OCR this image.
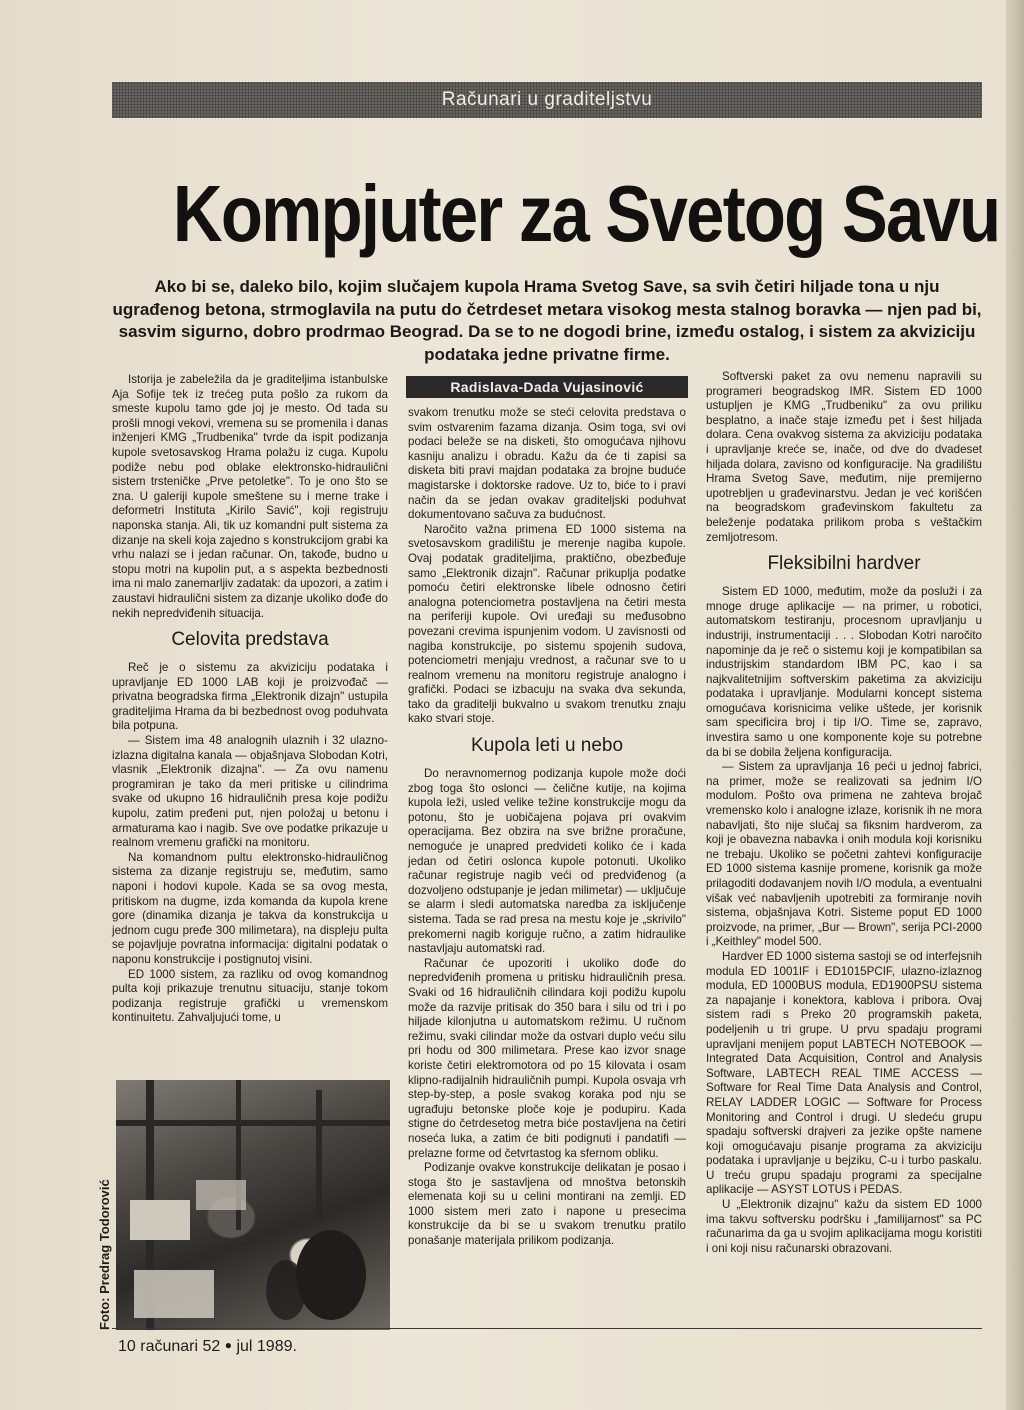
Računari u graditeljstvu
Kompjuter za Svetog Savu
Ako bi se, daleko bilo, kojim slučajem kupola Hrama Svetog Save, sa svih četiri hiljade tona u nju ugrađenog betona, strmoglavila na putu do četrdeset metara visokog mesta stalnog boravka — njen pad bi, sasvim sigurno, dobro prodrmao Beograd. Da se to ne dogodi brine, između ostalog, i sistem za akviziciju podataka jedne privatne firme.

Istorija je zabeležila da je graditeljima istanbulske Aja Sofije tek iz trećeg puta pošlo za rukom da smeste kupolu tamo gde joj je mesto. Od tada su prošli mnogi vekovi, vremena su se promenila i danas inženjeri KMG „Trudbenika" tvrde da ispit podizanja kupole svetosavskog Hrama polažu iz cuga. Kupolu podiže nebu pod oblake elektronsko-hidraulični sistem trsteničke „Prve petoletke". To je ono što se zna. U galeriji kupole smeštene su i merne trake i deformetri Instituta „Kirilo Savić", koji registruju naponska stanja. Ali, tik uz komandni pult sistema za dizanje na skeli koja zajedno s konstrukcijom grabi ka vrhu nalazi se i jedan računar. On, takođe, budno u stopu motri na kupolin put, a s aspekta bezbednosti ima ni malo zanemarljiv zadatak: da upozori, a zatim i zaustavi hidraulični sistem za dizanje ukoliko dođe do nekih nepredviđenih situacija.

Celovita predstava

Reč je o sistemu za akviziciju podataka i upravljanje ED 1000 LAB koji je proizvođač — privatna beogradska firma „Elektronik dizajn" ustupila graditeljima Hrama da bi bezbednost ovog poduhvata bila potpuna.

— Sistem ima 48 analognih ulaznih i 32 ulazno-izlazna digitalna kanala — objašnjava Slobodan Kotri, vlasnik „Elektronik dizajna". — Za ovu namenu programiran je tako da meri pritiske u cilindrima svake od ukupno 16 hidrauličnih presa koje podižu kupolu, zatim pređeni put, njen položaj u betonu i armaturama kao i nagib. Sve ove podatke prikazuje u realnom vremenu grafički na monitoru.

Na komandnom pultu elektronsko-hidrauličnog sistema za dizanje registruju se, međutim, samo naponi i hodovi kupole. Kada se sa ovog mesta, pritiskom na dugme, izda komanda da kupola krene gore (dinamika dizanja je takva da konstrukcija u jednom cugu pređe 300 milimetara), na displeju pulta se pojavljuje povratna informacija: digitalni podatak o naponu konstrukcije i postignutoj visini.

ED 1000 sistem, za razliku od ovog komandnog pulta koji prikazuje trenutnu situaciju, stanje tokom podizanja registruje grafički u vremenskom kontinuitetu. Zahvaljujući tome, u

Radislava-Dada Vujasinović

svakom trenutku može se steći celovita predstava o svim ostvarenim fazama dizanja. Osim toga, svi ovi podaci beleže se na disketi, što omogućava njihovu kasniju analizu i obradu. Kažu da će ti zapisi sa disketa biti pravi majdan podataka za brojne buduće magistarske i doktorske radove. Uz to, biće to i pravi način da se jedan ovakav graditeljski poduhvat dokumentovano sačuva za budućnost.

Naročito važna primena ED 1000 sistema na svetosavskom gradilištu je merenje nagiba kupole. Ovaj podatak graditeljima, praktično, obezbeđuje samo „Elektronik dizajn". Računar prikuplja podatke pomoću četiri elektronske libele odnosno četiri analogna potenciometra postavljena na četiri mesta na periferiji kupole. Ovi uređaji su međusobno povezani crevima ispunjenim vodom. U zavisnosti od nagiba konstrukcije, po sistemu spojenih sudova, potenciometri menjaju vrednost, a računar sve to u realnom vremenu na monitoru registruje analogno i grafički. Podaci se izbacuju na svaka dva sekunda, tako da graditelji bukvalno u svakom trenutku znaju kako stvari stoje.

Kupola leti u nebo

Do neravnomernog podizanja kupole može doći zbog toga što oslonci — čelične kutije, na kojima kupola leži, usled velike težine konstrukcije mogu da potonu, što je uobičajena pojava pri ovakvim operacijama. Bez obzira na sve brižne proračune, nemoguće je unapred predvideti koliko će i kada jedan od četiri oslonca kupole potonuti. Ukoliko računar registruje nagib veći od predviđenog (a dozvoljeno odstupanje je jedan milimetar) — uključuje se alarm i sledi automatska naredba za isključenje sistema. Tada se rad presa na mestu koje je „skrivilo" prekomerni nagib koriguje ručno, a zatim hidraulike nastavljaju automatski rad.

Računar će upozoriti i ukoliko dođe do nepredviđenih promena u pritisku hidrauličnih presa. Svaki od 16 hidrauličnih cilindara koji podižu kupolu može da razvije pritisak do 350 bara i silu od tri i po hiljade kilonjutna u automatskom režimu. U ručnom režimu, svaki cilindar može da ostvari duplo veću silu pri hodu od 300 milimetara. Prese kao izvor snage koriste četiri elektromotora od po 15 kilovata i osam klipno-radijalnih hidrauličnih pumpi. Kupola osvaja vrh step-by-step, a posle svakog koraka pod nju se ugrađuju betonske ploče koje je podupiru. Kada stigne do četrdesetog metra biće postavljena na četiri noseća luka, a zatim će biti podignuti i pandatifi — prelazne forme od četvrtastog ka sfernom obliku.

Podizanje ovakve konstrukcije delikatan je posao i stoga što je sastavljena od mnoštva betonskih elemenata koji su u celini montirani na zemlji. ED 1000 sistem meri zato i napone u presecima konstrukcije da bi se u svakom trenutku pratilo ponašanje materijala prilikom podizanja.

Softverski paket za ovu nemenu napravili su programeri beogradskog IMR. Sistem ED 1000 ustupljen je KMG „Trudbeniku" za ovu priliku besplatno, a inače staje između pet i šest hiljada dolara. Cena ovakvog sistema za akviziciju podataka i upravljanje kreće se, inače, od dve do dvadeset hiljada dolara, zavisno od konfiguracije. Na gradilištu Hrama Svetog Save, međutim, nije premijerno upotrebljen u građevinarstvu. Jedan je već korišćen na beogradskom građevinskom fakultetu za beleženje podataka prilikom proba s veštačkim zemljotresom.

Fleksibilni hardver

Sistem ED 1000, međutim, može da posluži i za mnoge druge aplikacije — na primer, u robotici, automatskom testiranju, procesnom upravljanju u industriji, instrumentaciji . . . Slobodan Kotri naročito napominje da je reč o sistemu koji je kompatibilan sa industrijskim standardom IBM PC, kao i sa najkvalitetnijim softverskim paketima za akviziciju podataka i upravljanje. Modularni koncept sistema omogućava korisnicima velike uštede, jer korisnik sam specificira broj i tip I/O. Time se, zapravo, investira samo u one komponente koje su potrebne da bi se dobila željena konfiguracija.

— Sistem za upravljanja 16 peći u jednoj fabrici, na primer, može se realizovati sa jednim I/O modulom. Pošto ova primena ne zahteva brojač vremensko kolo i analogne izlaze, korisnik ih ne mora nabavljati, što nije slučaj sa fiksnim hardverom, za koji je obavezna nabavka i onih modula koji korisniku ne trebaju. Ukoliko se početni zahtevi konfiguracije ED 1000 sistema kasnije promene, korisnik ga može prilagoditi dodavanjem novih I/O modula, a eventualni višak već nabavljenih upotrebiti za formiranje novih sistema, objašnjava Kotri. Sisteme poput ED 1000 proizvode, na primer, „Bur — Brown", serija PCI-2000 i „Keithley" model 500.

Hardver ED 1000 sistema sastoji se od interfejsnih modula ED 1001IF i ED1015PCIF, ulazno-izlaznog modula, ED 1000BUS modula, ED1900PSU sistema za napajanje i konektora, kablova i pribora. Ovaj sistem radi s Preko 20 programskih paketa, podeljenih u tri grupe. U prvu spadaju programi upravljani menijem poput LABTECH NOTEBOOK — Integrated Data Acquisition, Control and Analysis Software, LABTECH REAL TIME ACCESS — Software for Real Time Data Analysis and Control, RELAY LADDER LOGIC — Software for Process Monitoring and Control i drugi. U sledeću grupu spadaju softverski drajveri za jezike opšte namene koji omogućavaju pisanje programa za akviziciju podataka i upravljanje u bejziku, C-u i turbo paskalu. U treću grupu spadaju programi za specijalne aplikacije — ASYST LOTUS i PEDAS.

U „Elektronik dizajnu" kažu da sistem ED 1000 ima takvu softversku podršku i „familijarnost" sa PC računarima da ga u svojim aplikacijama mogu koristiti i oni koji nisu računarski obrazovani.

Foto: Predrag Todorović
10 računari 52 ● jul 1989.
